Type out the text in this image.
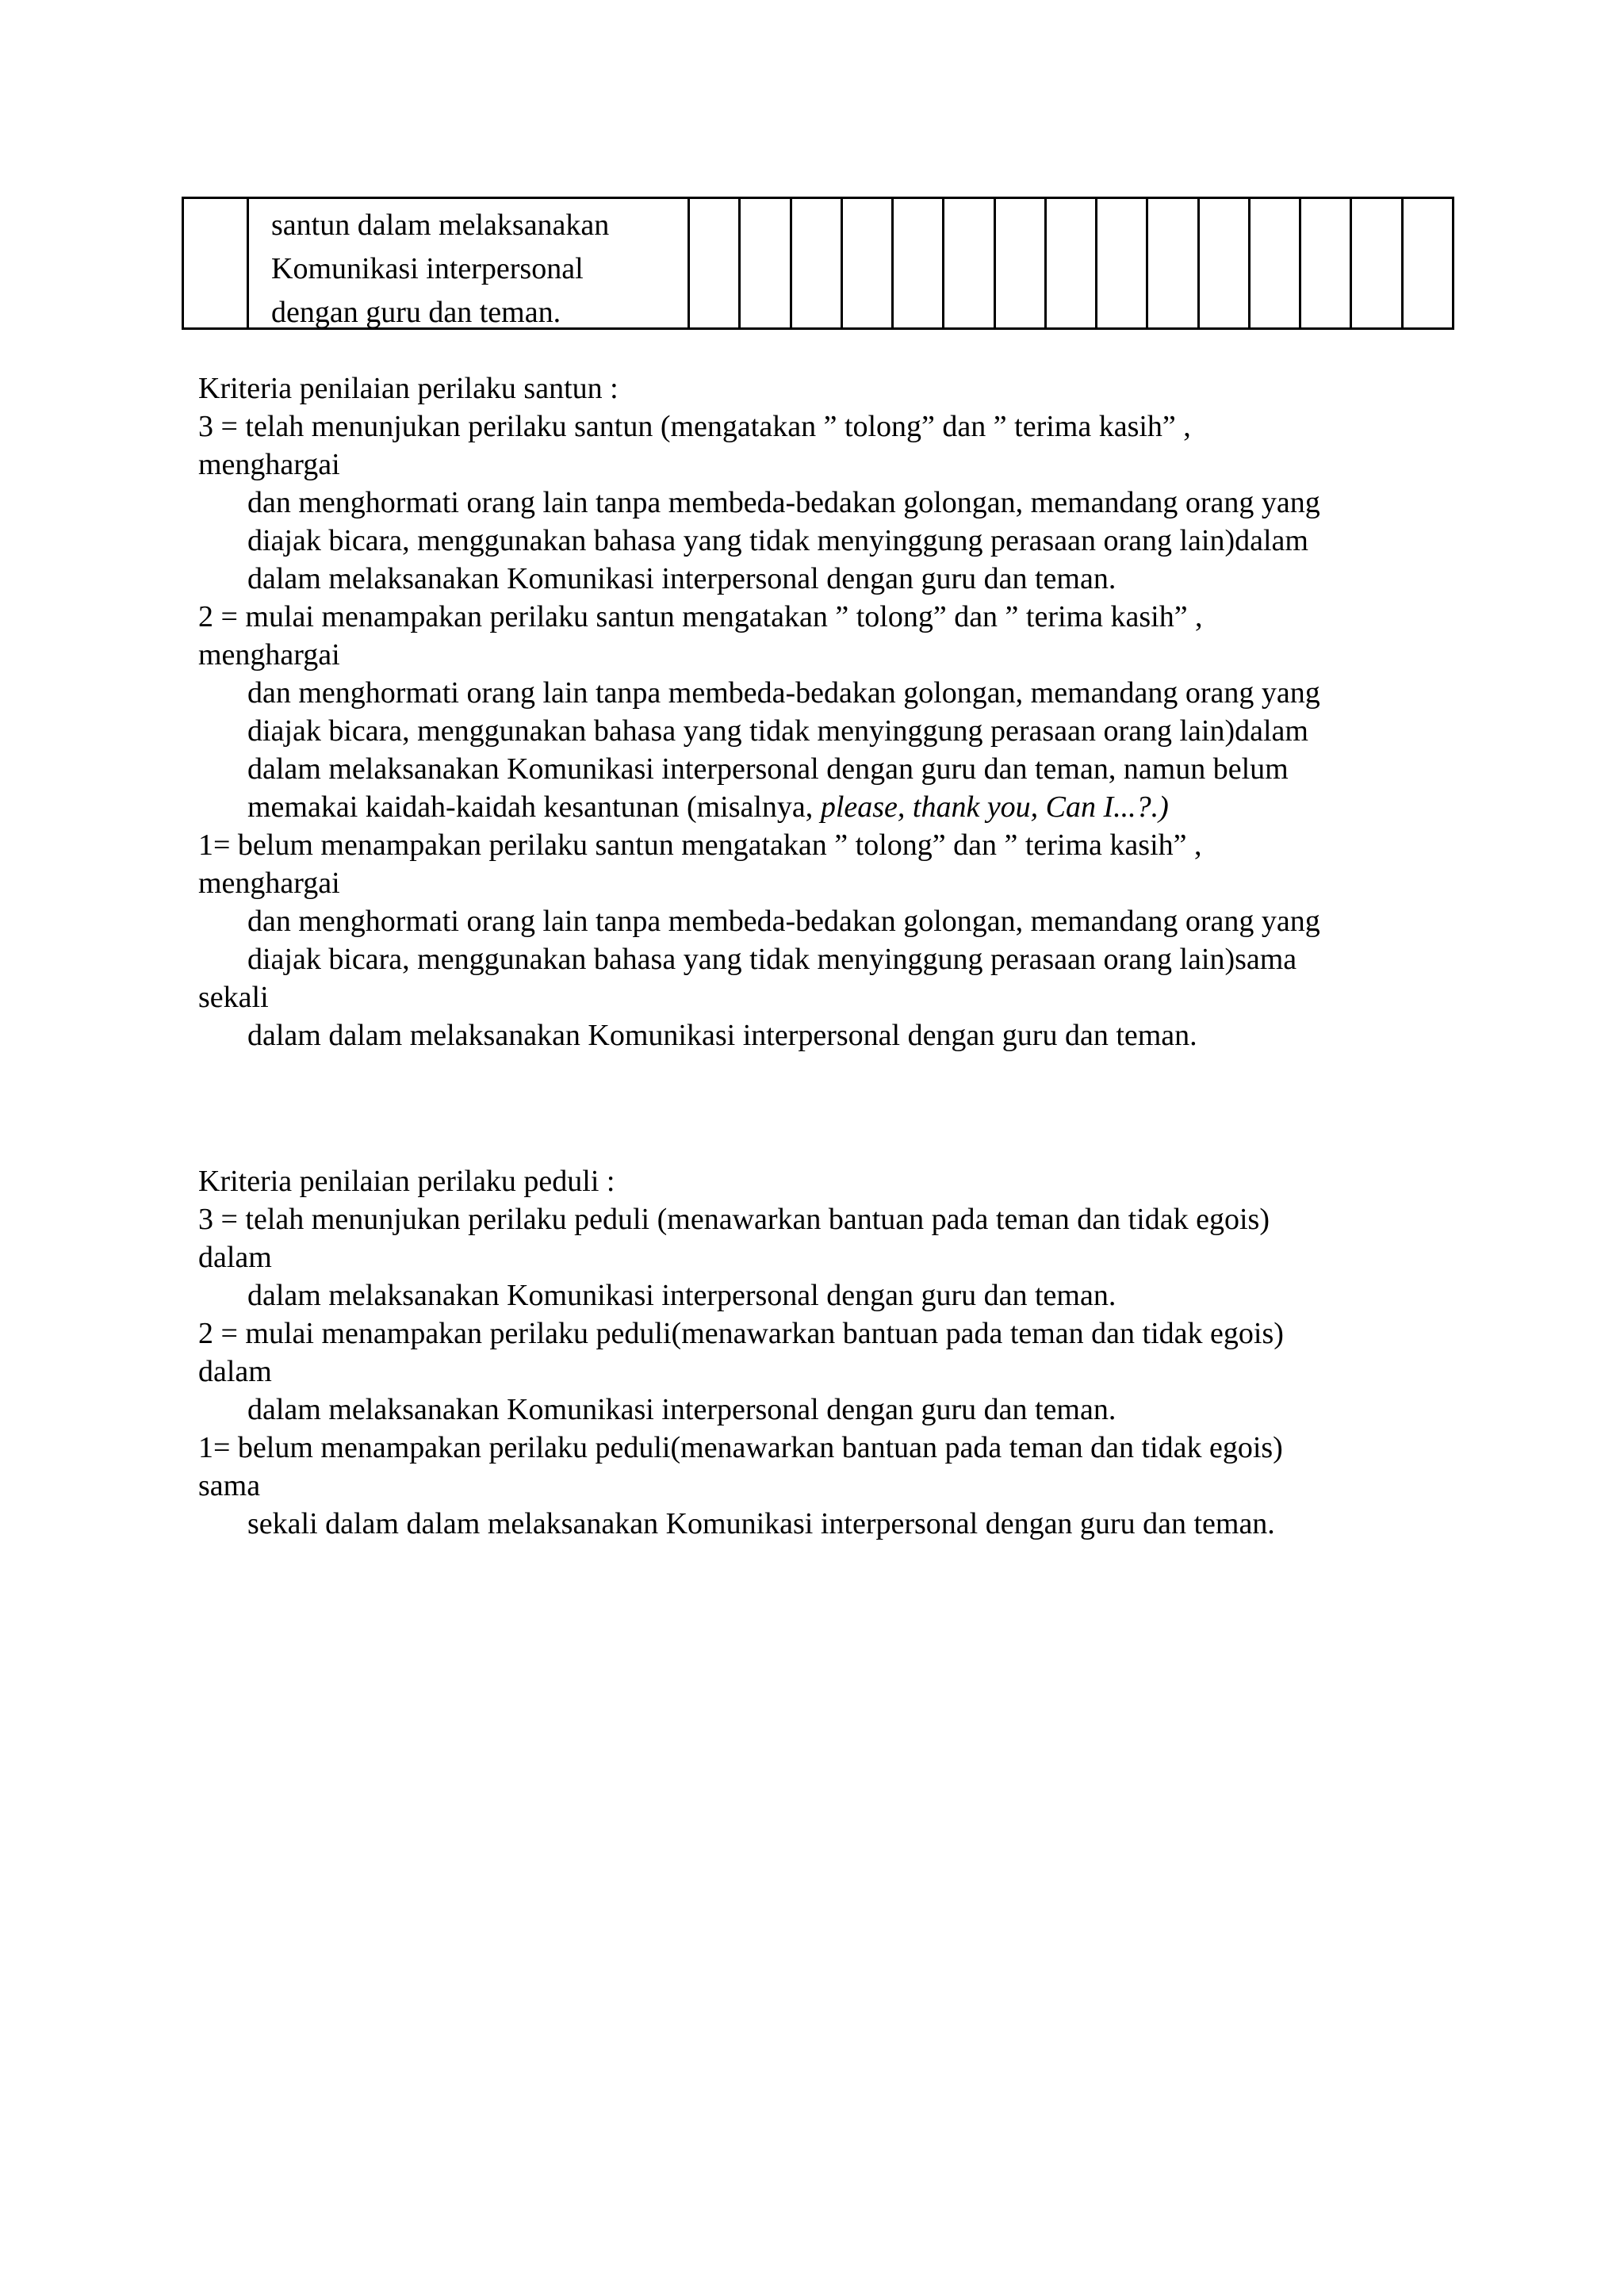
santun dalam melaksanakan
Komunikasi interpersonal
dengan guru dan teman.
Kriteria penilaian perilaku santun :
3 = telah menunjukan perilaku santun (mengatakan ” tolong” dan ” terima kasih” ,
menghargai
dan menghormati orang lain tanpa membeda-bedakan golongan, memandang orang yang
diajak bicara, menggunakan bahasa yang tidak menyinggung perasaan orang lain)dalam
dalam melaksanakan Komunikasi interpersonal dengan guru dan teman.
2 = mulai menampakan perilaku santun mengatakan ” tolong” dan ” terima kasih” ,
menghargai
dan menghormati orang lain tanpa membeda-bedakan golongan, memandang orang yang
diajak bicara, menggunakan bahasa yang tidak menyinggung perasaan orang lain)dalam
dalam melaksanakan Komunikasi interpersonal dengan guru dan teman, namun belum
memakai kaidah-kaidah kesantunan (misalnya, please, thank you, Can I...?.)
1= belum menampakan perilaku santun mengatakan ” tolong” dan ” terima kasih” ,
menghargai
dan menghormati orang lain tanpa membeda-bedakan golongan, memandang orang yang
diajak bicara, menggunakan bahasa yang tidak menyinggung perasaan orang lain)sama
sekali
dalam dalam melaksanakan Komunikasi interpersonal dengan guru dan teman.
Kriteria penilaian perilaku peduli :
3 = telah menunjukan perilaku peduli (menawarkan bantuan pada teman dan tidak egois)
dalam
dalam melaksanakan Komunikasi interpersonal dengan guru dan teman.
2 = mulai menampakan perilaku peduli(menawarkan bantuan pada teman dan tidak egois)
dalam
dalam melaksanakan Komunikasi interpersonal dengan guru dan teman.
1= belum menampakan perilaku peduli(menawarkan bantuan pada teman dan tidak egois)
sama
sekali dalam dalam melaksanakan Komunikasi interpersonal dengan guru dan teman.
